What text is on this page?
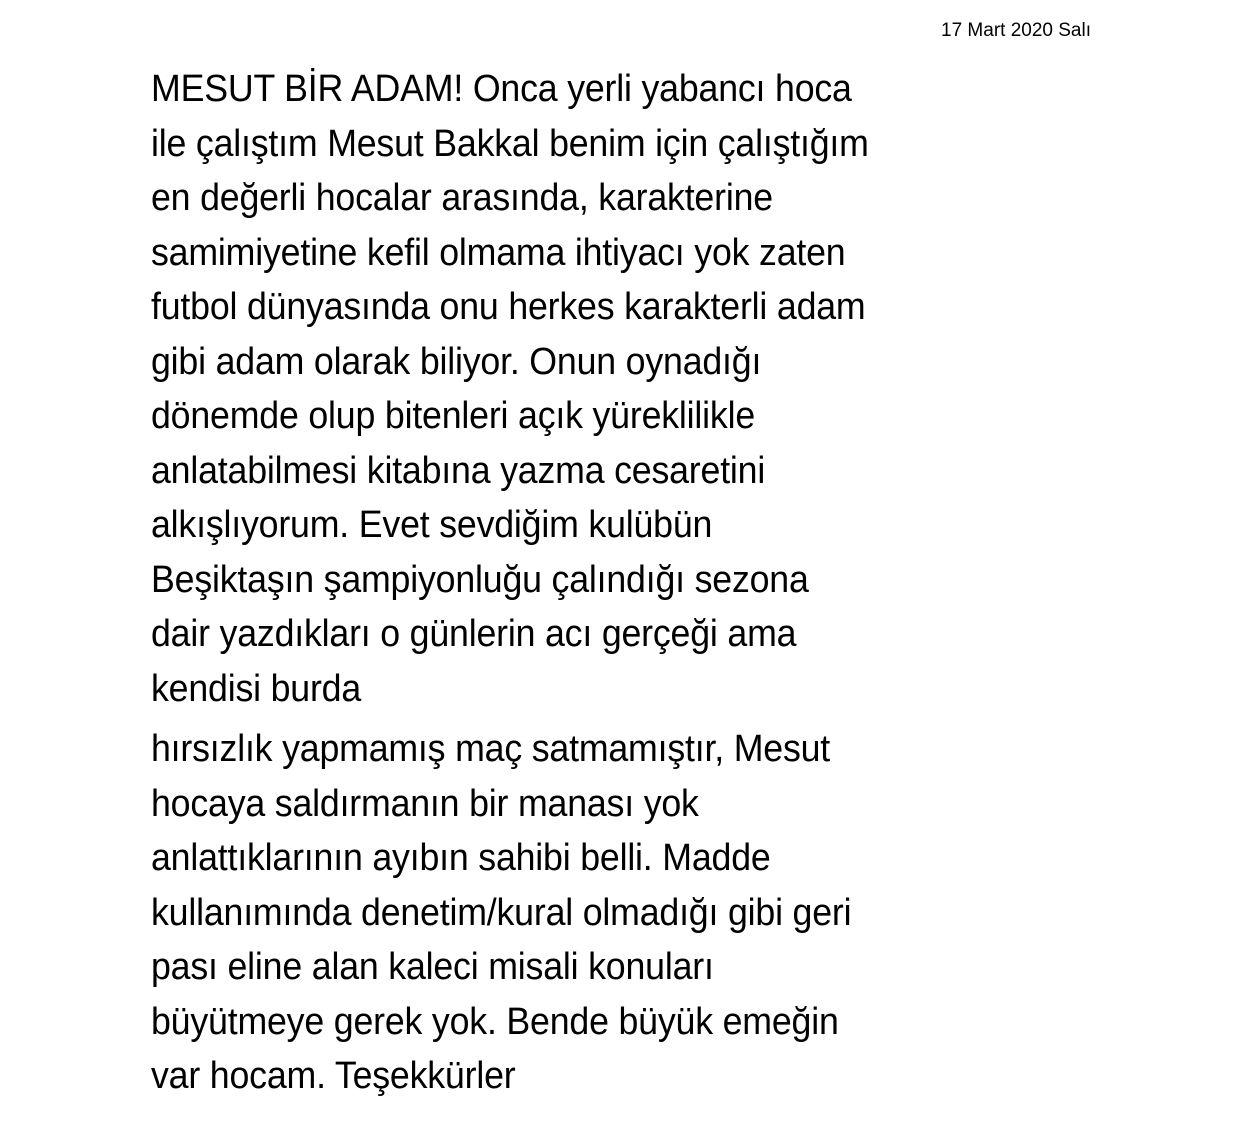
17 Mart 2020 Salı

MESUT BİR ADAM! Onca yerli yabancı hoca
ile çalıştım Mesut Bakkal benim için çalıştığım
en değerli hocalar arasında, karakterine
samimiyetine kefil olmama ihtiyacı yok zaten
futbol dünyasında onu herkes karakterli adam
gibi adam olarak biliyor. Onun oynadığı
dönemde olup bitenleri açık yüreklilikle
anlatabilmesi kitabına yazma cesaretini
alkışlıyorum. Evet sevdiğim kulübün
Beşiktaşın şampiyonluğu çalındığı sezona
dair yazdıkları o günlerin acı gerçeği ama
kendisi burda

hırsızlık yapmamış maç satmamıştır, Mesut
hocaya saldırmanın bir manası yok
anlattıklarının ayıbın sahibi belli. Madde
kullanımında denetim/kural olmadığı gibi geri
pası eline alan kaleci misali konuları
büyütmeye gerek yok. Bende büyük emeğin
var hocam. Teşekkürler
